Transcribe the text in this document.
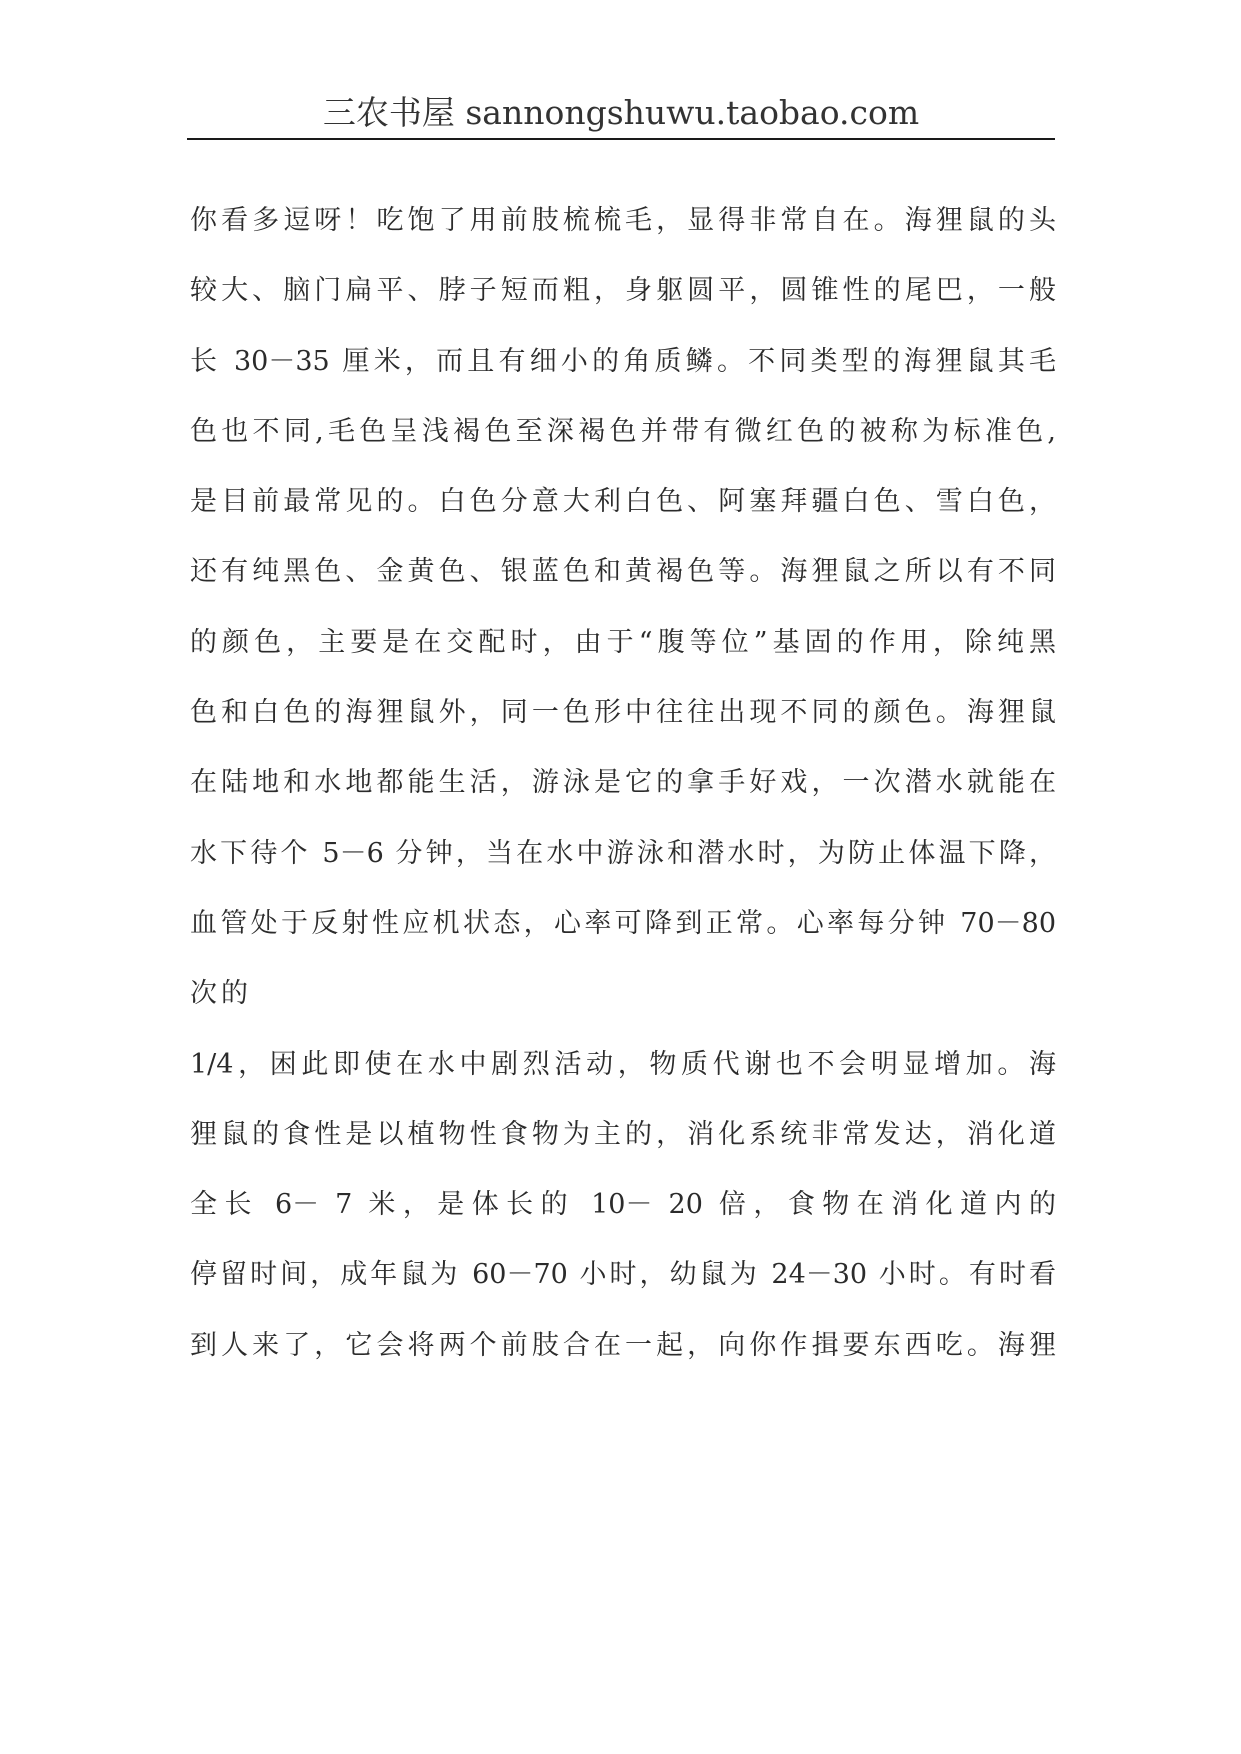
三农书屋 sannongshuwu.taobao.com
你看多逗呀！吃饱了用前肢梳梳毛，显得非常自在。海狸鼠的头
较大、脑门扁平、脖子短而粗，身躯圆平，圆锥性的尾巴，一般
长 30－35 厘米，而且有细小的角质鳞。不同类型的海狸鼠其毛
色也不同,毛色呈浅褐色至深褐色并带有微红色的被称为标准色,
是目前最常见的。白色分意大利白色、阿塞拜疆白色、雪白色，
还有纯黑色、金黄色、银蓝色和黄褐色等。海狸鼠之所以有不同
的颜色，主要是在交配时，由于“腹等位”基固的作用，除纯黑
色和白色的海狸鼠外，同一色形中往往出现不同的颜色。海狸鼠
在陆地和水地都能生活，游泳是它的拿手好戏，一次潜水就能在
水下待个 5－6 分钟，当在水中游泳和潜水时，为防止体温下降，
血管处于反射性应机状态，心率可降到正常。心率每分钟 70－80
次的
1/4，困此即使在水中剧烈活动，物质代谢也不会明显增加。海
狸鼠的食性是以植物性食物为主的，消化系统非常发达，消化道
全长 6－ 7 米，是体长的 10－ 20 倍，食物在消化道内的
停留时间，成年鼠为 60－70 小时，幼鼠为 24－30 小时。有时看
到人来了，它会将两个前肢合在一起，向你作揖要东西吃。海狸
